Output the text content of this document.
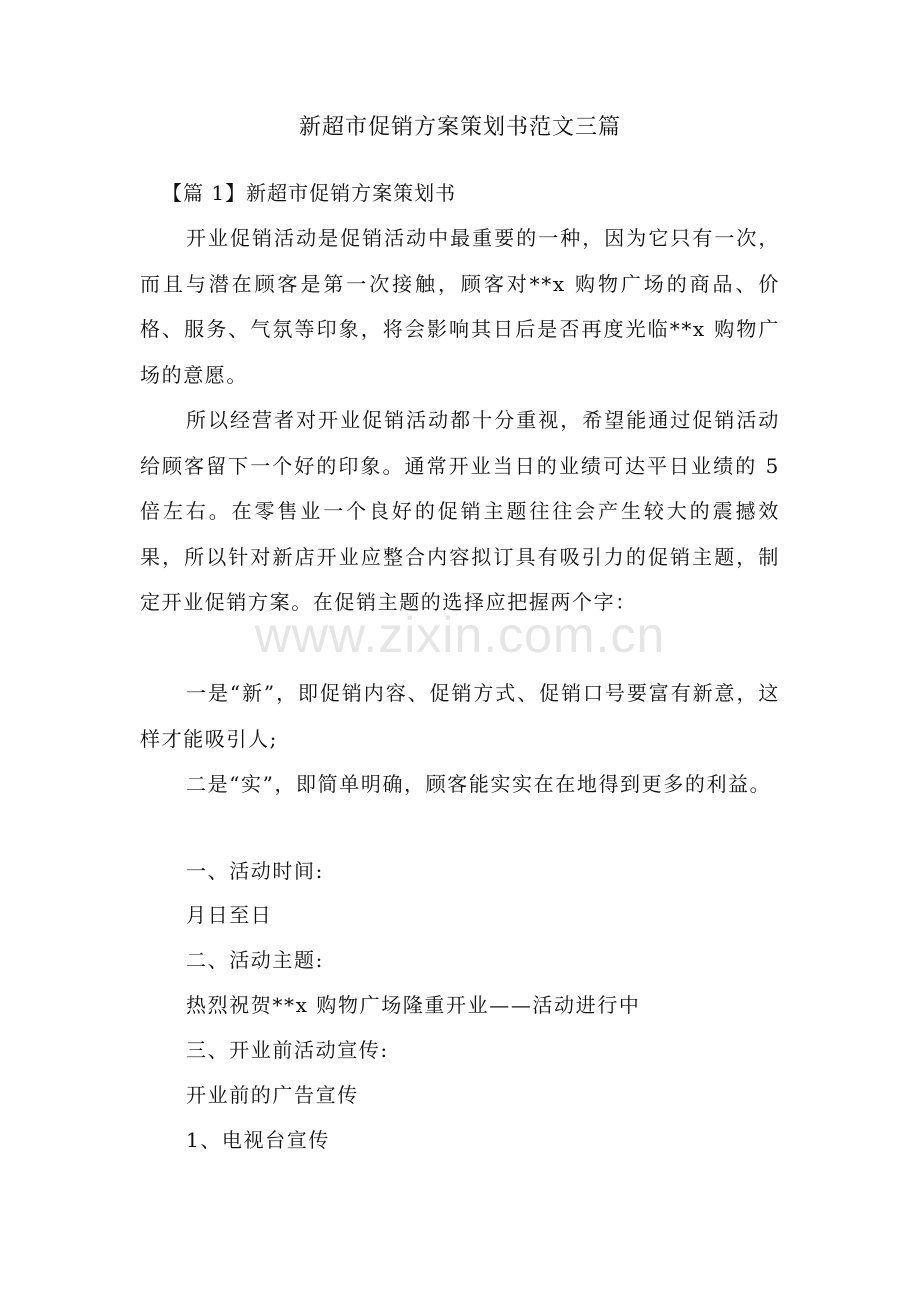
新超市促销方案策划书范文三篇
【篇 1】新超市促销方案策划书

开业促销活动是促销活动中最重要的一种，因为它只有一次，而且与潜在顾客是第一次接触，顾客对**x 购物广场的商品、价格、服务、气氛等印象，将会影响其日后是否再度光临**x 购物广场的意愿。

所以经营者对开业促销活动都十分重视，希望能通过促销活动给顾客留下一个好的印象。通常开业当日的业绩可达平日业绩的 5 倍左右。在零售业一个良好的促销主题往往会产生较大的震撼效果，所以针对新店开业应整合内容拟订具有吸引力的促销主题，制定开业促销方案。在促销主题的选择应把握两个字：

一是“新”，即促销内容、促销方式、促销口号要富有新意，这样才能吸引人;

二是“实”，即简单明确，顾客能实实在在地得到更多的利益。

一、活动时间:
月日至日
二、活动主题:
热烈祝贺**x 购物广场隆重开业——活动进行中
三、开业前活动宣传:
开业前的广告宣传
1、电视台宣传
www.zixin.com.cn
